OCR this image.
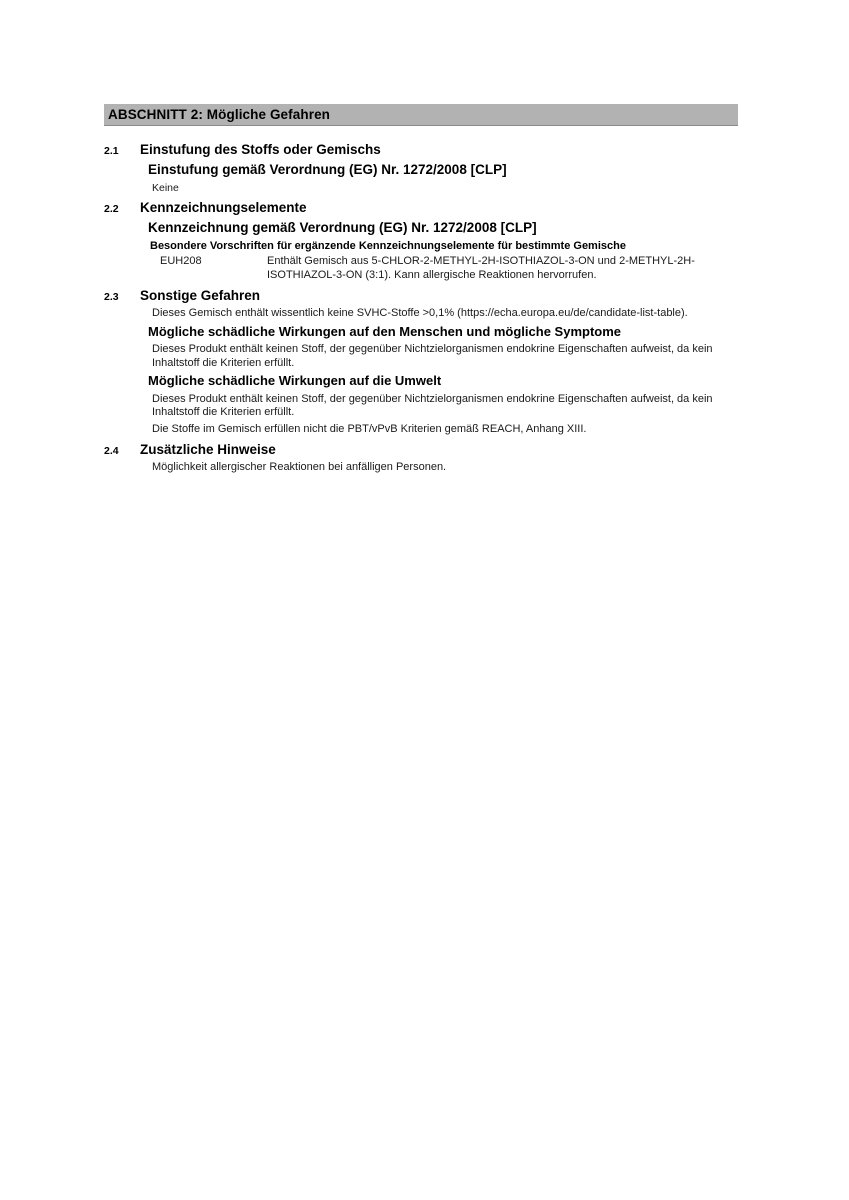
ABSCHNITT 2: Mögliche Gefahren
2.1	Einstufung des Stoffs oder Gemischs
Einstufung gemäß Verordnung (EG) Nr. 1272/2008 [CLP]
Keine
2.2	Kennzeichnungselemente
Kennzeichnung gemäß Verordnung (EG) Nr. 1272/2008 [CLP]
Besondere Vorschriften für ergänzende Kennzeichnungselemente für bestimmte Gemische
EUH208	Enthält Gemisch aus 5-CHLOR-2-METHYL-2H-ISOTHIAZOL-3-ON und 2-METHYL-2H-ISOTHIAZOL-3-ON (3:1). Kann allergische Reaktionen hervorrufen.
2.3	Sonstige Gefahren
Dieses Gemisch enthält wissentlich keine SVHC-Stoffe >0,1% (https://echa.europa.eu/de/candidate-list-table).
Mögliche schädliche Wirkungen auf den Menschen und mögliche Symptome
Dieses Produkt enthält keinen Stoff, der gegenüber Nichtzielorganismen endokrine Eigenschaften aufweist, da kein Inhaltstoff die Kriterien erfüllt.
Mögliche schädliche Wirkungen auf die Umwelt
Dieses Produkt enthält keinen Stoff, der gegenüber Nichtzielorganismen endokrine Eigenschaften aufweist, da kein Inhaltstoff die Kriterien erfüllt.
Die Stoffe im Gemisch erfüllen nicht die PBT/vPvB Kriterien gemäß REACH, Anhang XIII.
2.4	Zusätzliche Hinweise
Möglichkeit allergischer Reaktionen bei anfälligen Personen.
